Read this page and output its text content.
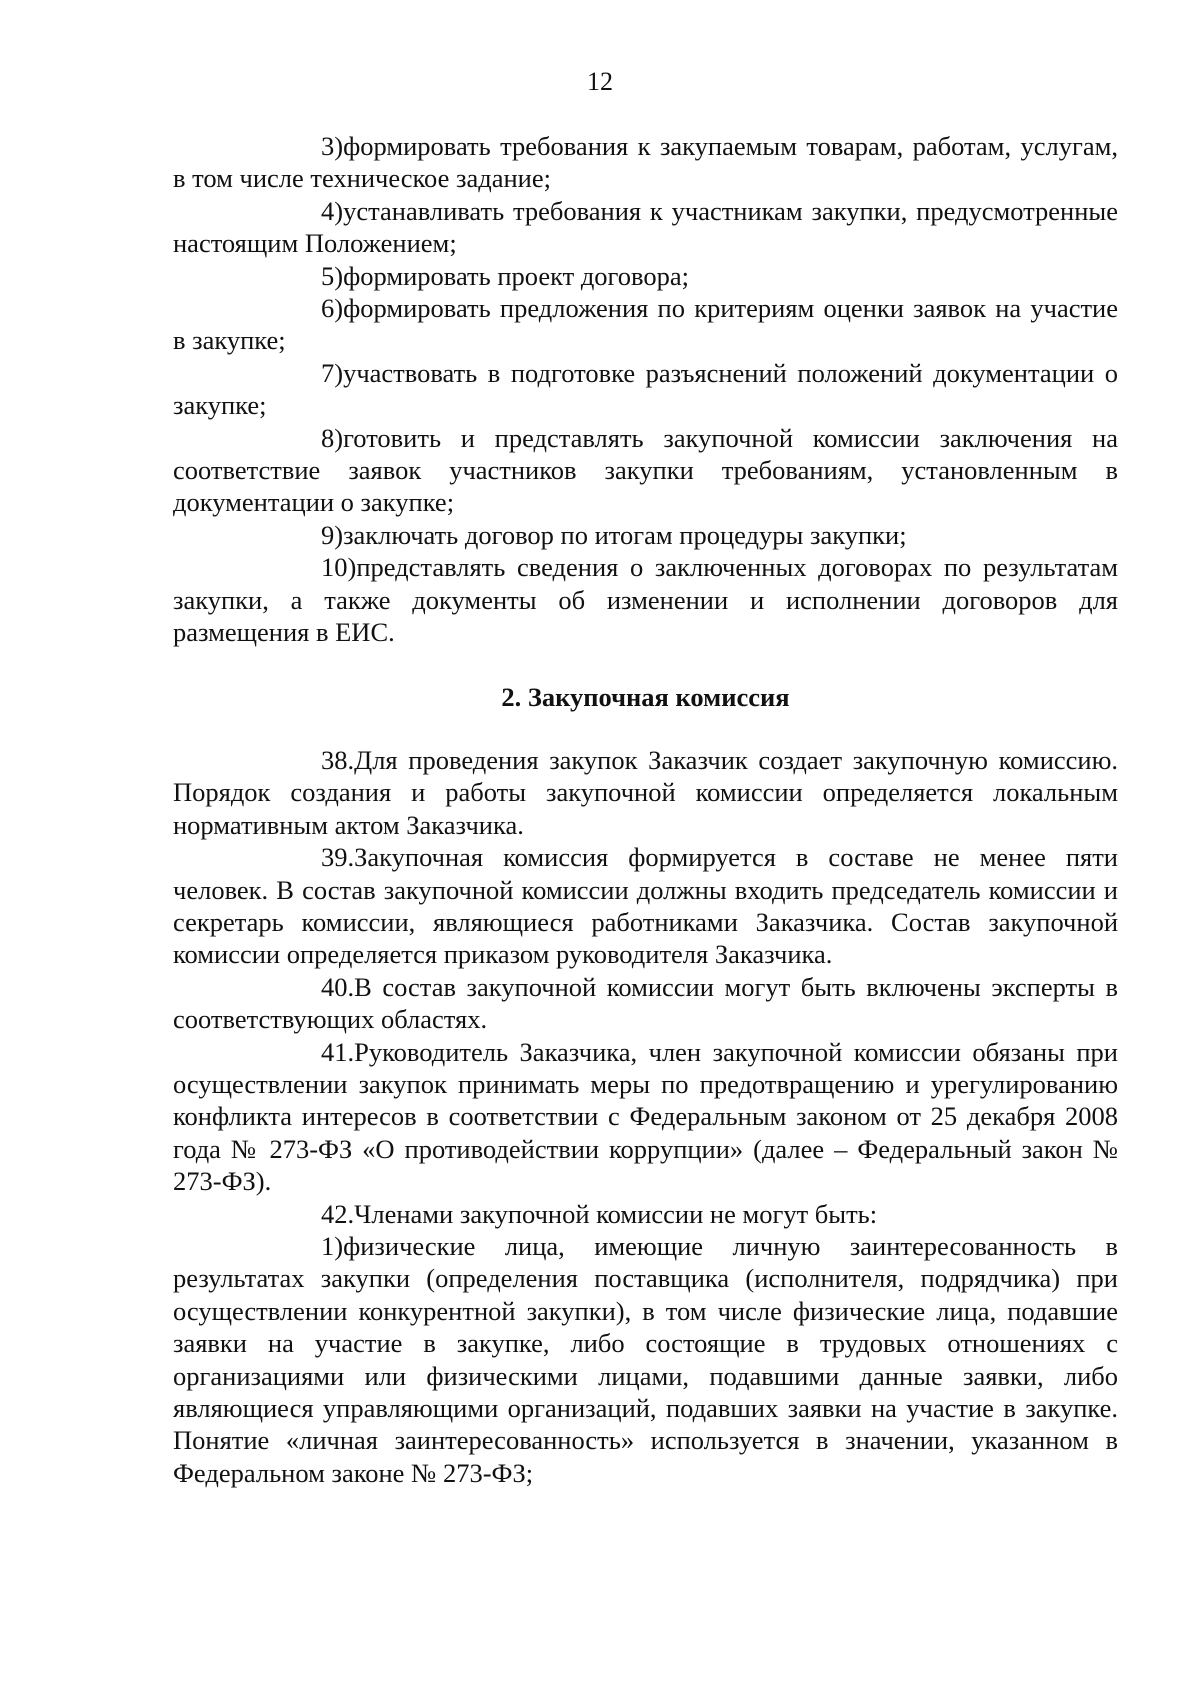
12

3)формировать требования к закупаемым товарам, работам, услугам, в том числе техническое задание;

4)устанавливать требования к участникам закупки, предусмотренные настоящим Положением;

5)формировать проект договора;

6)формировать предложения по критериям оценки заявок на участие в закупке;

7)участвовать в подготовке разъяснений положений документации о закупке;

8)готовить и представлять закупочной комиссии заключения на соответствие заявок участников закупки требованиям, установленным в документации о закупке;

9)заключать договор по итогам процедуры закупки;

10)представлять сведения о заключенных договорах по результатам закупки, а также документы об изменении и исполнении договоров для размещения в ЕИС.

2. Закупочная комиссия

38.Для проведения закупок Заказчик создает закупочную комиссию. Порядок создания и работы закупочной комиссии определяется локальным нормативным актом Заказчика.

39.Закупочная комиссия формируется в составе не менее пяти человек. В состав закупочной комиссии должны входить председатель комиссии и секретарь комиссии, являющиеся работниками Заказчика. Состав закупочной комиссии определяется приказом руководителя Заказчика.

40.В состав закупочной комиссии могут быть включены эксперты в соответствующих областях.

41.Руководитель Заказчика, член закупочной комиссии обязаны при осуществлении закупок принимать меры по предотвращению и урегулированию конфликта интересов в соответствии с Федеральным законом от 25 декабря 2008 года № 273-ФЗ «О противодействии коррупции» (далее – Федеральный закон № 273-ФЗ).

42.Членами закупочной комиссии не могут быть:

1)физические лица, имеющие личную заинтересованность в результатах закупки (определения поставщика (исполнителя, подрядчика) при осуществлении конкурентной закупки), в том числе физические лица, подавшие заявки на участие в закупке, либо состоящие в трудовых отношениях с организациями или физическими лицами, подавшими данные заявки, либо являющиеся управляющими организаций, подавших заявки на участие в закупке. Понятие «личная заинтересованность» используется в значении, указанном в Федеральном законе № 273-ФЗ;
